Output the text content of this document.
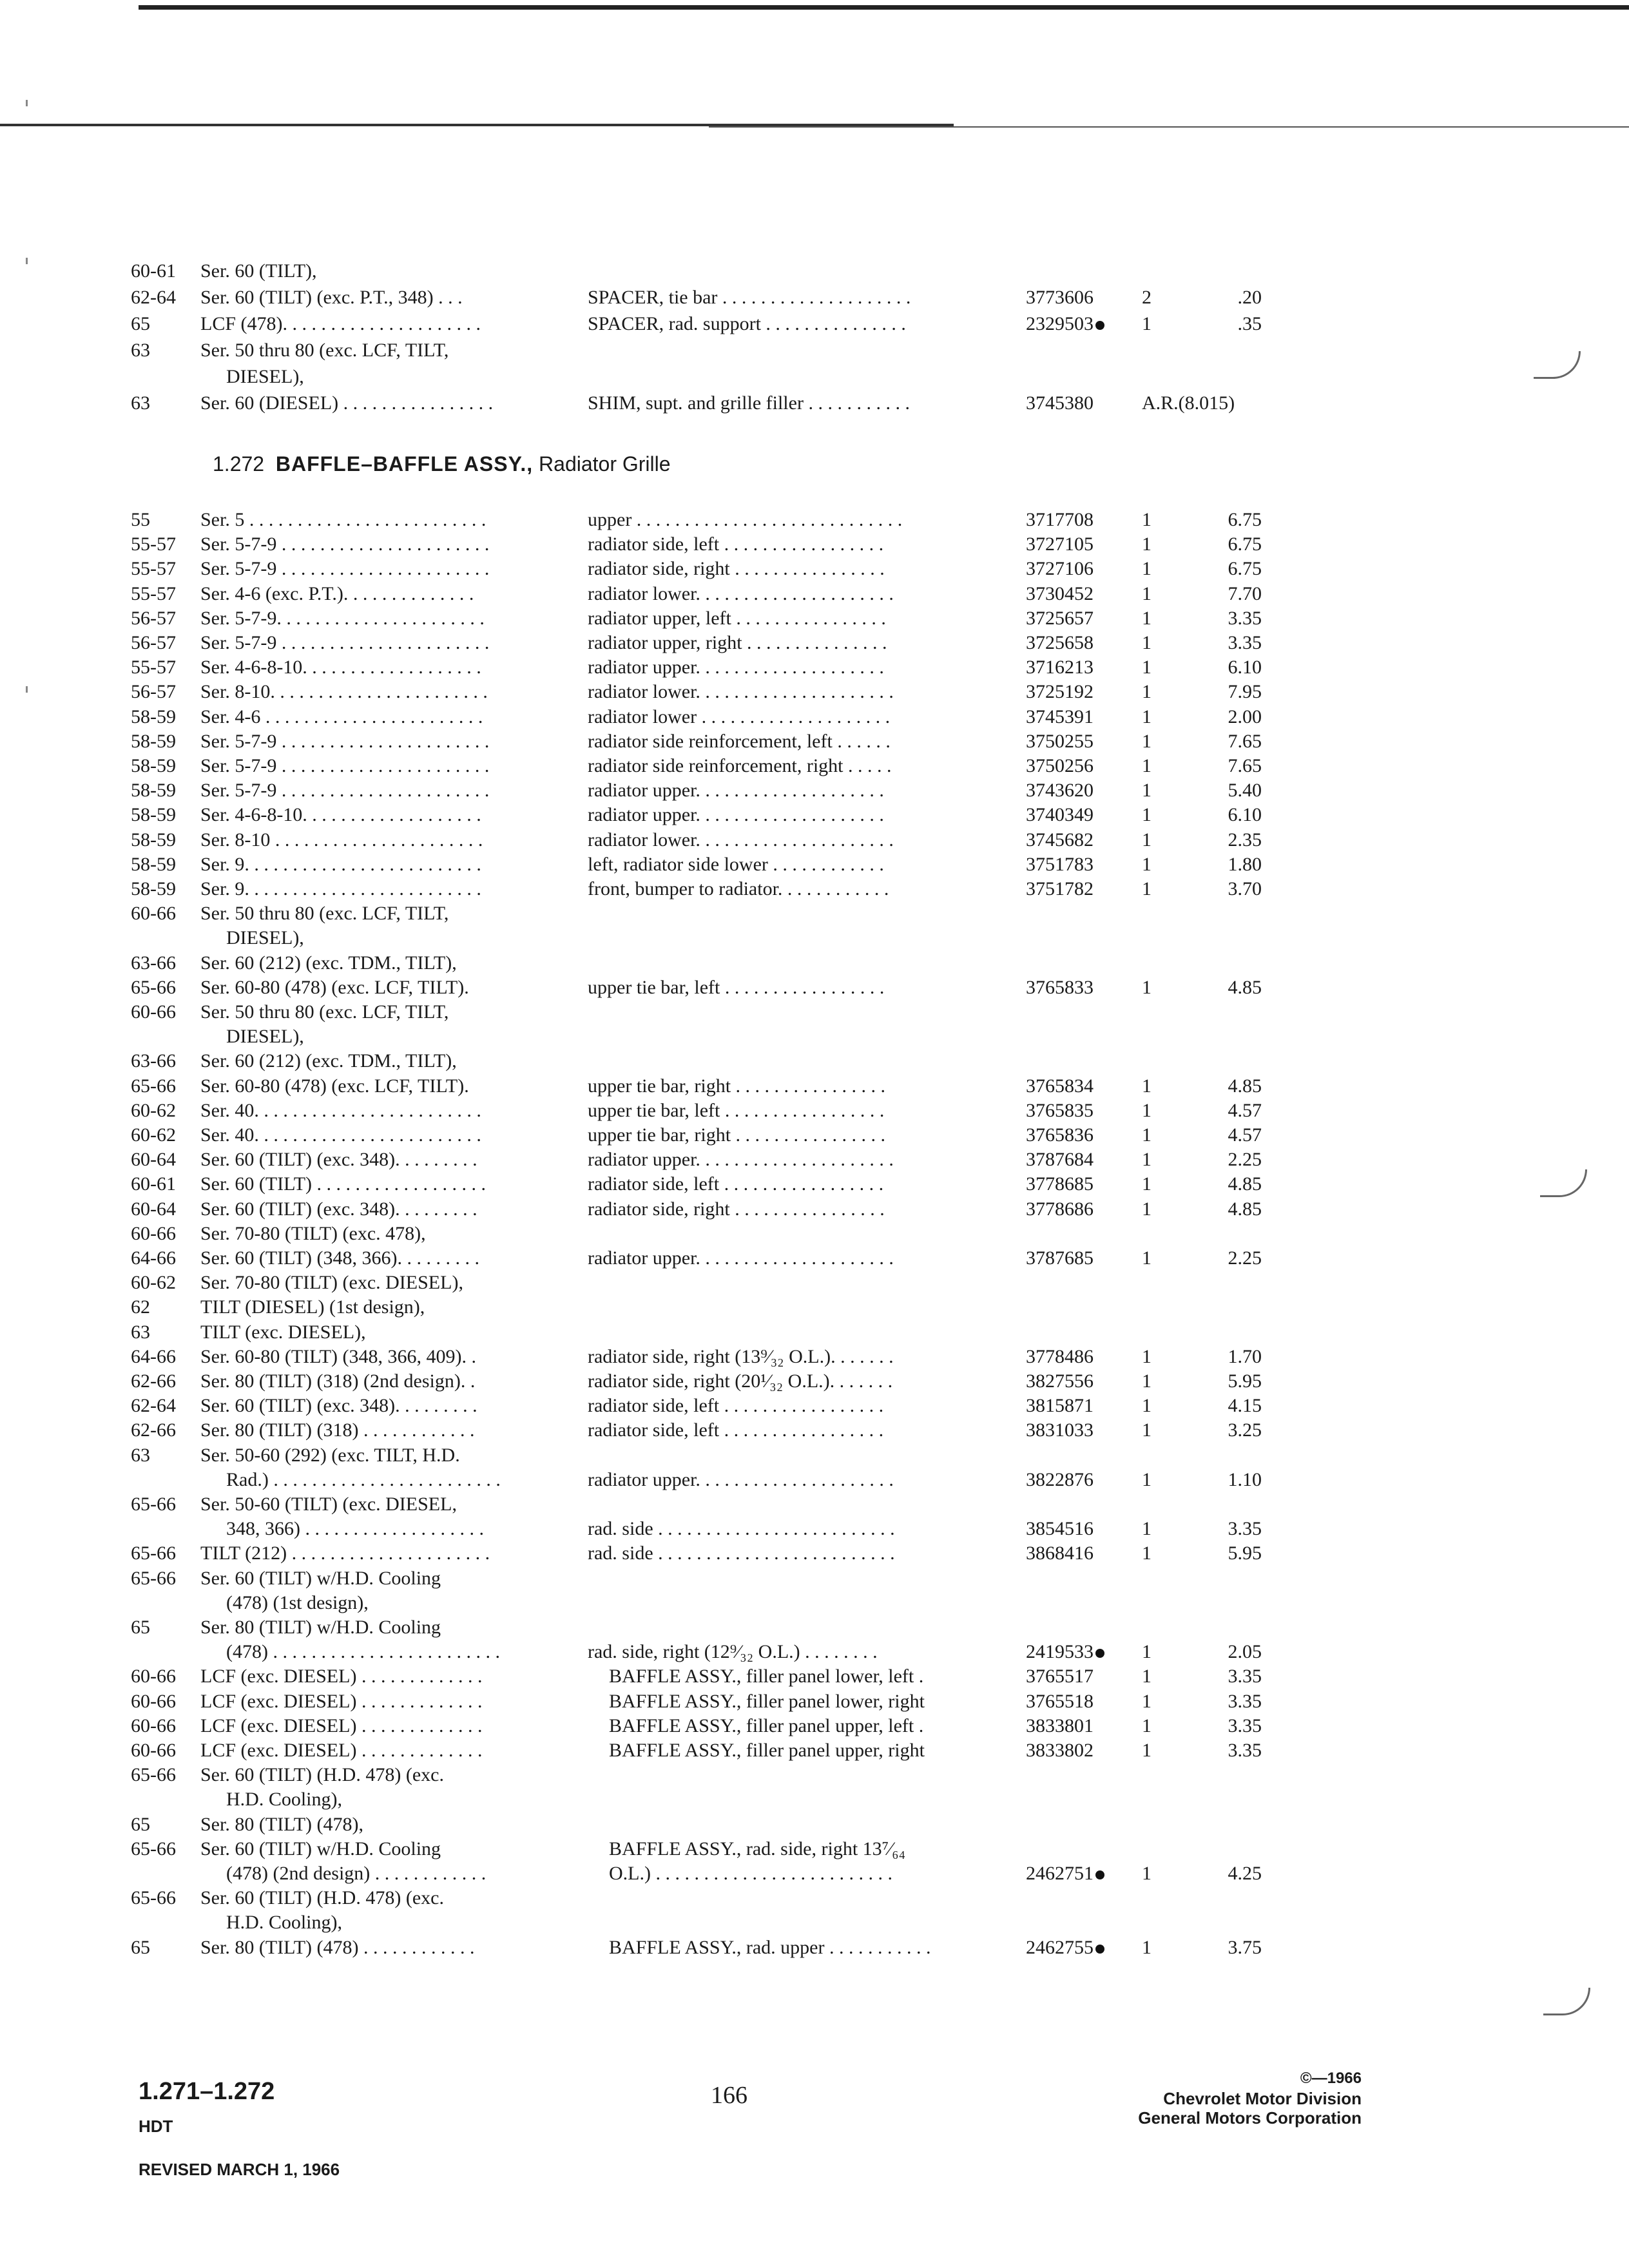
60-61 Ser. 60 (TILT),
62-64 Ser. 60 (TILT) (exc. P.T., 348) . . .	SPACER, tie bar . . . . . . . . . . . . . . . . . . . .	3773606	2	.20
65	LCF (478). . . . . . . . . . . . . . . . . . . . .	SPACER, rad. support . . . . . . . . . . . . . . .	2329503	1	.35
63	Ser. 50 thru 80 (exc. LCF, TILT,
DIESEL),
63	Ser. 60 (DIESEL) . . . . . . . . . . . . . . . .	SHIM, supt. and grille filler . . . . . . . . . . .	3745380	A.R.(8.015)
1.272 BAFFLE–BAFFLE ASSY., Radiator Grille
55	Ser. 5 . . . . . . . . . . . . . . . . . . . . . . . . .	upper . . . . . . . . . . . . . . . . . . . . . . . . . . . .	3717708	1	6.75
55-57 Ser. 5-7-9 . . . . . . . . . . . . . . . . . . . . . .	radiator side, left . . . . . . . . . . . . . . . . .	3727105	1	6.75
55-57 Ser. 5-7-9 . . . . . . . . . . . . . . . . . . . . . .	radiator side, right . . . . . . . . . . . . . . . .	3727106	1	6.75
55-57 Ser. 4-6 (exc. P.T.). . . . . . . . . . . . . .	radiator lower. . . . . . . . . . . . . . . . . . . . .	3730452	1	7.70
56-57 Ser. 5-7-9. . . . . . . . . . . . . . . . . . . . . .	radiator upper, left . . . . . . . . . . . . . . . .	3725657	1	3.35
56-57 Ser. 5-7-9 . . . . . . . . . . . . . . . . . . . . . .	radiator upper, right . . . . . . . . . . . . . . .	3725658	1	3.35
55-57 Ser. 4-6-8-10. . . . . . . . . . . . . . . . . . .	radiator upper. . . . . . . . . . . . . . . . . . . .	3716213	1	6.10
56-57 Ser. 8-10. . . . . . . . . . . . . . . . . . . . . . .	radiator lower. . . . . . . . . . . . . . . . . . . . .	3725192	1	7.95
58-59 Ser. 4-6 . . . . . . . . . . . . . . . . . . . . . . .	radiator lower . . . . . . . . . . . . . . . . . . . .	3745391	1	2.00
58-59 Ser. 5-7-9 . . . . . . . . . . . . . . . . . . . . . .	radiator side reinforcement, left . . . . . .	3750255	1	7.65
58-59 Ser. 5-7-9 . . . . . . . . . . . . . . . . . . . . . .	radiator side reinforcement, right . . . . .	3750256	1	7.65
58-59 Ser. 5-7-9 . . . . . . . . . . . . . . . . . . . . . .	radiator upper. . . . . . . . . . . . . . . . . . . .	3743620	1	5.40
58-59 Ser. 4-6-8-10. . . . . . . . . . . . . . . . . . .	radiator upper. . . . . . . . . . . . . . . . . . . .	3740349	1	6.10
58-59 Ser. 8-10 . . . . . . . . . . . . . . . . . . . . . .	radiator lower. . . . . . . . . . . . . . . . . . . . .	3745682	1	2.35
58-59 Ser. 9. . . . . . . . . . . . . . . . . . . . . . . . .	left, radiator side lower . . . . . . . . . . . .	3751783	1	1.80
58-59 Ser. 9. . . . . . . . . . . . . . . . . . . . . . . . .	front, bumper to radiator. . . . . . . . . . . .	3751782	1	3.70
60-66 Ser. 50 thru 80 (exc. LCF, TILT,
DIESEL),
63-66 Ser. 60 (212) (exc. TDM., TILT),
65-66 Ser. 60-80 (478) (exc. LCF, TILT).	upper tie bar, left . . . . . . . . . . . . . . . . .	3765833	1	4.85
60-66 Ser. 50 thru 80 (exc. LCF, TILT,
DIESEL),
63-66 Ser. 60 (212) (exc. TDM., TILT),
65-66 Ser. 60-80 (478) (exc. LCF, TILT).	upper tie bar, right . . . . . . . . . . . . . . . .	3765834	1	4.85
60-62 Ser. 40. . . . . . . . . . . . . . . . . . . . . . . .	upper tie bar, left . . . . . . . . . . . . . . . . .	3765835	1	4.57
60-62 Ser. 40. . . . . . . . . . . . . . . . . . . . . . . .	upper tie bar, right . . . . . . . . . . . . . . . .	3765836	1	4.57
60-64 Ser. 60 (TILT) (exc. 348). . . . . . . . .	radiator upper. . . . . . . . . . . . . . . . . . . . .	3787684	1	2.25
60-61 Ser. 60 (TILT) . . . . . . . . . . . . . . . . . .	radiator side, left . . . . . . . . . . . . . . . . .	3778685	1	4.85
60-64 Ser. 60 (TILT) (exc. 348). . . . . . . . .	radiator side, right . . . . . . . . . . . . . . . .	3778686	1	4.85
60-66 Ser. 70-80 (TILT) (exc. 478),
64-66 Ser. 60 (TILT) (348, 366). . . . . . . . .	radiator upper. . . . . . . . . . . . . . . . . . . . .	3787685	1	2.25
60-62 Ser. 70-80 (TILT) (exc. DIESEL),
62	TILT (DIESEL) (1st design),
63	TILT (exc. DIESEL),
64-66 Ser. 60-80 (TILT) (348, 366, 409). .	radiator side, right (13⁹⁄₃₂ O.L.). . . . . . .	3778486	1	1.70
62-66 Ser. 80 (TILT) (318) (2nd design). .	radiator side, right (20¹⁄₃₂ O.L.). . . . . . .	3827556	1	5.95
62-64 Ser. 60 (TILT) (exc. 348). . . . . . . . .	radiator side, left . . . . . . . . . . . . . . . . .	3815871	1	4.15
62-66 Ser. 80 (TILT) (318) . . . . . . . . . . . .	radiator side, left . . . . . . . . . . . . . . . . .	3831033	1	3.25
63	Ser. 50-60 (292) (exc. TILT, H.D.
Rad.) . . . . . . . . . . . . . . . . . . . . . . . .	radiator upper. . . . . . . . . . . . . . . . . . . . .	3822876	1	1.10
65-66 Ser. 50-60 (TILT) (exc. DIESEL,
348, 366) . . . . . . . . . . . . . . . . . . .	rad. side . . . . . . . . . . . . . . . . . . . . . . . . .	3854516	1	3.35
65-66 TILT (212) . . . . . . . . . . . . . . . . . . . . .	rad. side . . . . . . . . . . . . . . . . . . . . . . . . .	3868416	1	5.95
65-66 Ser. 60 (TILT) w/H.D. Cooling
(478) (1st design),
65	Ser. 80 (TILT) w/H.D. Cooling
(478) . . . . . . . . . . . . . . . . . . . . . . . .	rad. side, right (12⁹⁄₃₂ O.L.) . . . . . . . .	2419533	1	2.05
60-66 LCF (exc. DIESEL) . . . . . . . . . . . . .	BAFFLE ASSY., filler panel lower, left .	3765517	1	3.35
60-66 LCF (exc. DIESEL) . . . . . . . . . . . . .	BAFFLE ASSY., filler panel lower, right	3765518	1	3.35
60-66 LCF (exc. DIESEL) . . . . . . . . . . . . .	BAFFLE ASSY., filler panel upper, left .	3833801	1	3.35
60-66 LCF (exc. DIESEL) . . . . . . . . . . . . .	BAFFLE ASSY., filler panel upper, right	3833802	1	3.35
65-66 Ser. 60 (TILT) (H.D. 478) (exc.
H.D. Cooling),
65	Ser. 80 (TILT) (478),
65-66 Ser. 60 (TILT) w/H.D. Cooling	BAFFLE ASSY., rad. side, right 13⁷⁄₆₄
(478) (2nd design) . . . . . . . . . . . .	O.L.) . . . . . . . . . . . . . . . . . . . . . . . . .	2462751	1	4.25
65-66 Ser. 60 (TILT) (H.D. 478) (exc.
H.D. Cooling),
65	Ser. 80 (TILT) (478) . . . . . . . . . . . .	BAFFLE ASSY., rad. upper . . . . . . . . . . .	2462755	1	3.75
1.271–1.272
HDT
REVISED MARCH 1, 1966
166
©—1966
Chevrolet Motor Division
General Motors Corporation
